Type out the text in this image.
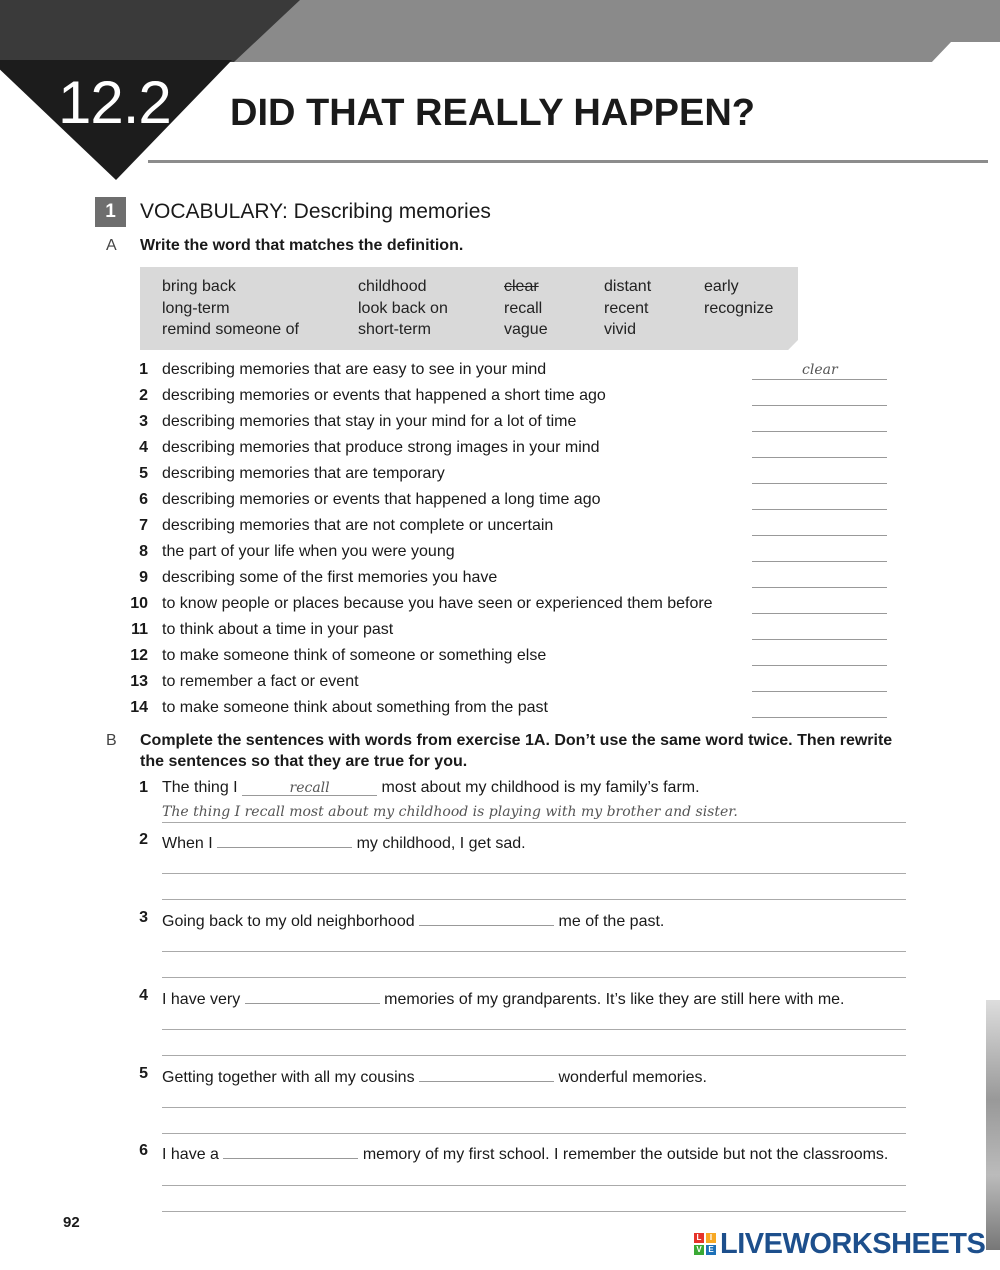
12.2 DID THAT REALLY HAPPEN?
1	VOCABULARY: Describing memories
A Write the word that matches the definition.
bring back	childhood	clear	distant	early
long-term	look back on	recall	recent	recognize
remind someone of	short-term	vague	vivid
1 describing memories that are easy to see in your mind	clear
2 describing memories or events that happened a short time ago
3 describing memories that stay in your mind for a lot of time
4 describing memories that produce strong images in your mind
5 describing memories that are temporary
6 describing memories or events that happened a long time ago
7 describing memories that are not complete or uncertain
8 the part of your life when you were young
9 describing some of the first memories you have
10 to know people or places because you have seen or experienced them before
11 to think about a time in your past
12 to make someone think of someone or something else
13 to remember a fact or event
14 to make someone think about something from the past
B Complete the sentences with words from exercise 1A. Don’t use the same word twice. Then rewrite
the sentences so that they are true for you.
1 The thing I	recall	most about my childhood is my family’s farm.
The thing I recall most about my childhood is playing with my brother and sister.
2 When I	my childhood, I get sad.
3 Going back to my old neighborhood	me of the past.
4 I have very	memories of my grandparents. It’s like they are still here with me.
5 Getting together with all my cousins	wonderful memories.
6 I have a	memory of my first school. I remember the outside but not the classrooms.
92
L	I
V E LIVEWORKSHEETS
